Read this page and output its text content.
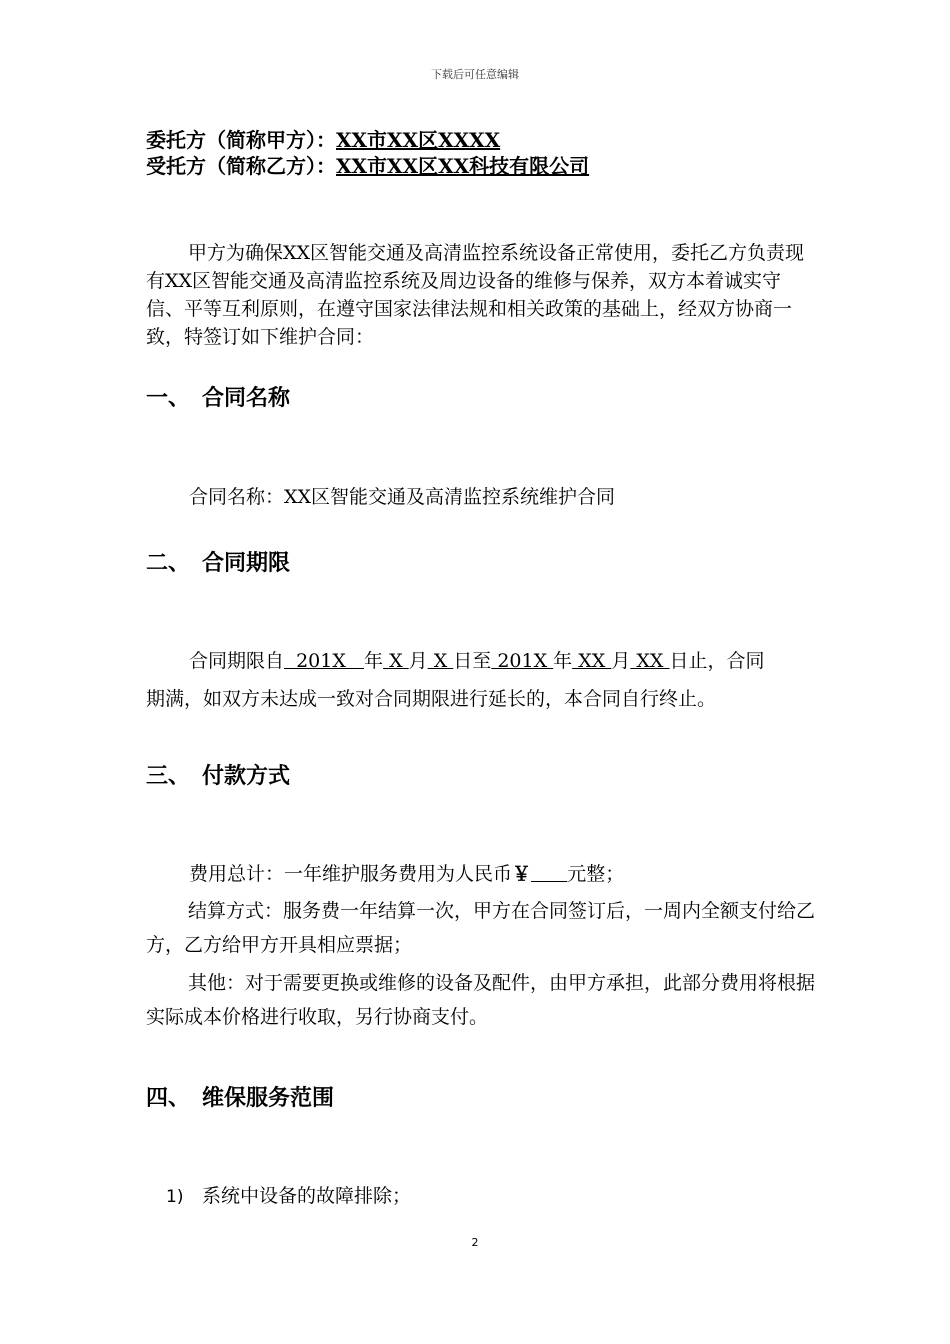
下载后可任意编辑
委托方（简称甲方）：XX市XX区XXXX
受托方（简称乙方）：XX市XX区XX科技有限公司
甲方为确保XX区智能交通及高清监控系统设备正常使用，委托乙方负责现有XX区智能交通及高清监控系统及周边设备的维修与保养，双方本着诚实守信、平等互利原则，在遵守国家法律法规和相关政策的基础上，经双方协商一致，特签订如下维护合同：
一、 合同名称
合同名称：XX区智能交通及高清监控系统维护合同
二、 合同期限
合同期限自  201X   年 X 月 X 日至 201X 年 XX 月 XX 日止，合同
期满，如双方未达成一致对合同期限进行延长的，本合同自行终止。
三、 付款方式
费用总计：一年维护服务费用为人民币￥ 元整；
结算方式：服务费一年结算一次，甲方在合同签订后，一周内全额支付给乙方，乙方给甲方开具相应票据；
其他：对于需要更换或维修的设备及配件，由甲方承担，此部分费用将根据实际成本价格进行收取，另行协商支付。
四、 维保服务范围
1) 系统中设备的故障排除；
2
